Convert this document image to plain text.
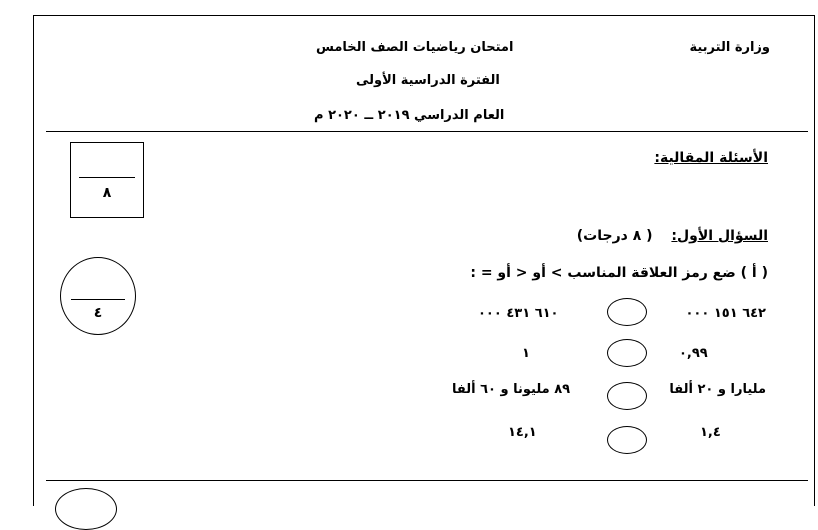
وزارة التربية
امتحان رياضيات الصف الخامس
الفترة الدراسية الأولى
العام الدراسي ٢٠١٩ ــ ٢٠٢٠ م
الأسئلة المقالية:
٨
السؤال الأول: ( ٨ درجات)
( أ ) ضع رمز العلاقة المناسب > أو < أو = :
٤	٦٤٢ ١٥١ ٠٠٠
٦١٠ ٤٣١ ٠٠٠
٠,٩٩
١
مليارا و ٢٠ ألفا
٨٩ مليونا و ٦٠ ألفا
١,٤
١٤,١
